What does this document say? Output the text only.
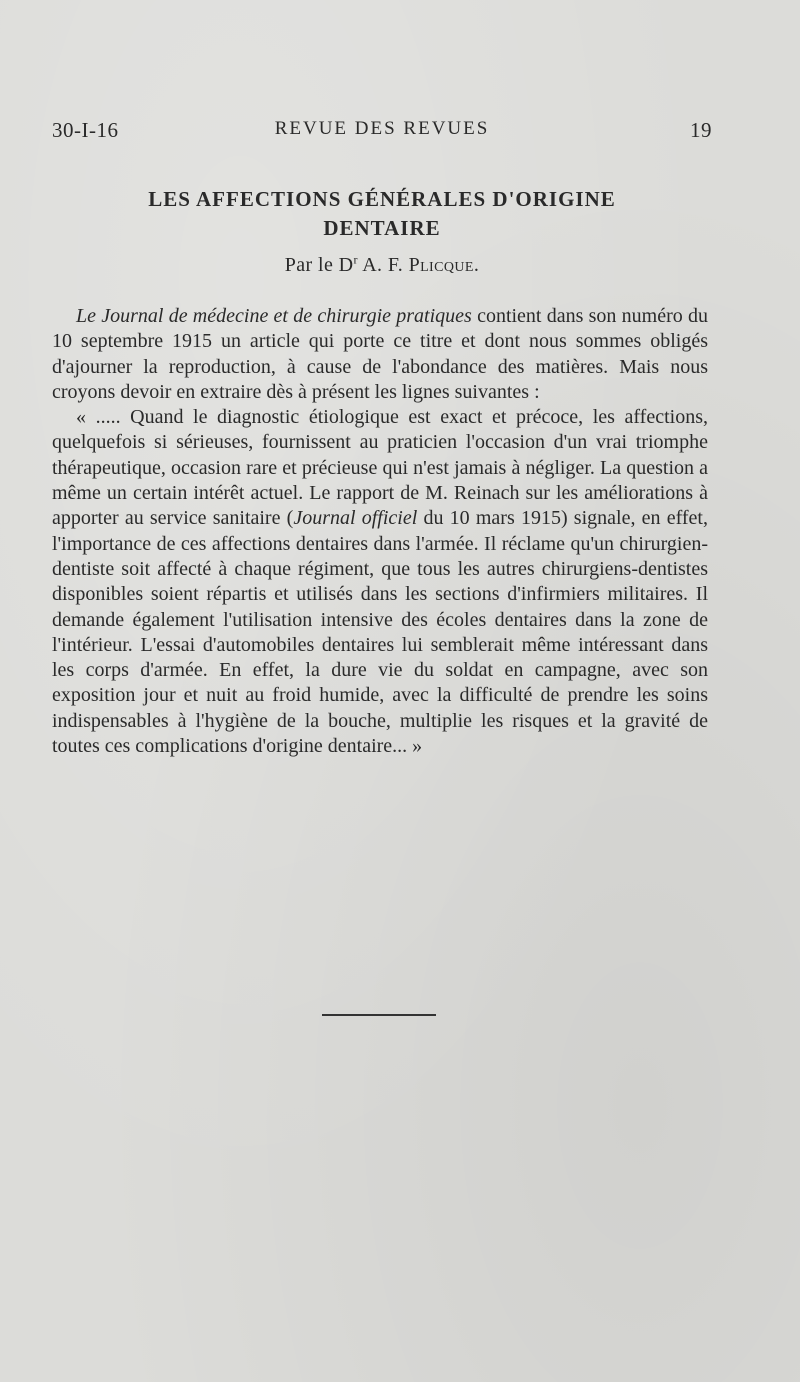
30-I-16	REVUE DES REVUES	19
LES AFFECTIONS GÉNÉRALES D'ORIGINE
DENTAIRE
Par le $D^r$ A. F. Plicque.

Le Journal de médecine et de chirurgie pratiques contient dans son numéro du 10 septembre 1915 un article qui porte ce titre et dont nous sommes obligés d'ajourner la reproduction, à cause de l'abondance des matières. Mais nous croyons devoir en extraire dès à présent les lignes suivantes :

« ..... Quand le diagnostic étiologique est exact et précoce, les affections, quelquefois si sérieuses, fournissent au praticien l'occasion d'un vrai triomphe thérapeutique, occasion rare et précieuse qui n'est jamais à négliger. La question a même un certain intérêt actuel. Le rapport de M. Reinach sur les améliorations à apporter au service sanitaire (Journal officiel du 10 mars 1915) signale, en effet, l'importance de ces affections dentaires dans l'armée. Il réclame qu'un chirurgien-dentiste soit affecté à chaque régiment, que tous les autres chirurgiens-dentistes disponibles soient répartis et utilisés dans les sections d'infirmiers militaires. Il demande également l'utilisation intensive des écoles dentaires dans la zone de l'intérieur. L'essai d'automobiles dentaires lui semblerait même intéressant dans les corps d'armée. En effet, la dure vie du soldat en campagne, avec son exposition jour et nuit au froid humide, avec la difficulté de prendre les soins indispensables à l'hygiène de la bouche, multiplie les risques et la gravité de toutes ces complications d'origine dentaire... »
